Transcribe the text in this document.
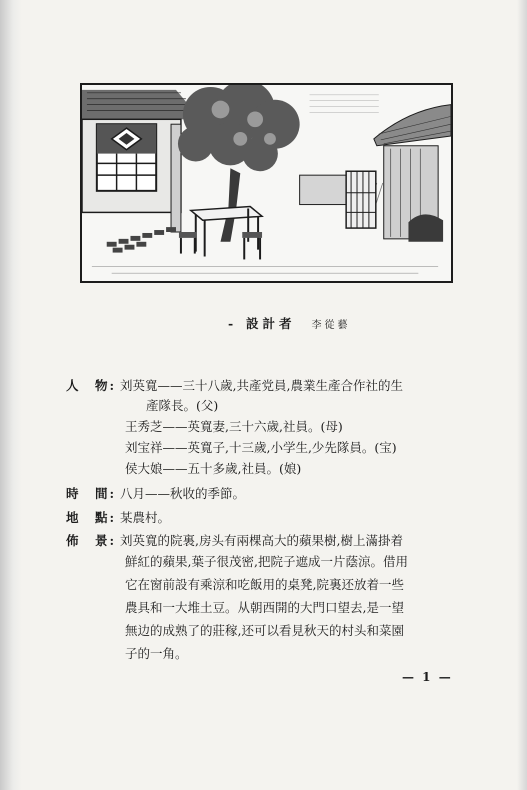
- 設計者 李從藝
人　物: 刘英寬——三十八歲,共產党員,農業生產合作社的生
產隊長。(父)
王秀芝——英寬妻,三十六歲,社員。(母)
刘宝祥——英寬子,十三歲,小学生,少先隊員。(宝)
侯大娘——五十多歲,社員。(娘)
時　間: 八月——秋收的季節。
地　點: 某農村。
佈　景: 刘英寬的院裏,房头有兩棵高大的蘋果樹,樹上滿掛着
鮮紅的蘋果,葉子很茂密,把院子遮成一片蔭涼。借用
它在窗前設有乘涼和吃飯用的桌凳,院裏还放着一些
農具和一大堆土豆。从朝西開的大門口望去,是一望
無边的成熟了的莊稼,还可以看見秋天的村头和菜園
子的一角。
— 1 —
